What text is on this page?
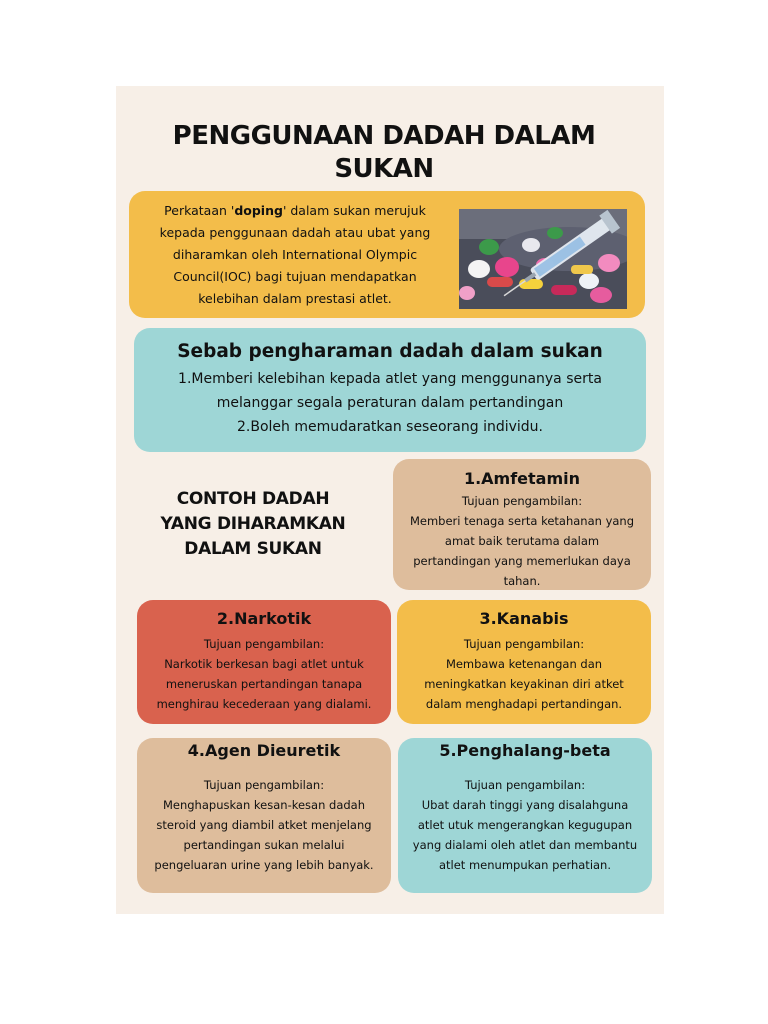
PENGGUNAAN DADAH DALAM
SUKAN
Perkataan 'doping' dalam sukan merujuk kepada penggunaan dadah atau ubat yang diharamkan oleh International Olympic Council(IOC) bagi tujuan mendapatkan kelebihan dalam prestasi atlet.
Sebab pengharaman dadah dalam sukan
1.Memberi kelebihan kepada atlet yang menggunanya serta
melanggar segala peraturan dalam pertandingan
2.Boleh memudaratkan seseorang individu.
CONTOH DADAH
YANG DIHARAMKAN
DALAM SUKAN
1.Amfetamin
Tujuan pengambilan:
Memberi tenaga serta ketahanan yang
amat baik terutama dalam
pertandingan yang memerlukan daya
tahan.
2.Narkotik
Tujuan pengambilan:
Narkotik berkesan bagi atlet untuk
meneruskan pertandingan tanapa
menghirau kecederaan yang dialami.
3.Kanabis
Tujuan pengambilan:
Membawa ketenangan dan
meningkatkan keyakinan diri atket
dalam menghadapi pertandingan.
4.Agen Dieuretik
Tujuan pengambilan:
Menghapuskan kesan-kesan dadah
steroid yang diambil atket menjelang
pertandingan sukan melalui
pengeluaran urine yang lebih banyak.
5.Penghalang-beta
Tujuan pengambilan:
Ubat darah tinggi yang disalahguna
atlet utuk mengerangkan kegugupan
yang dialami oleh atlet dan membantu
atlet menumpukan perhatian.
